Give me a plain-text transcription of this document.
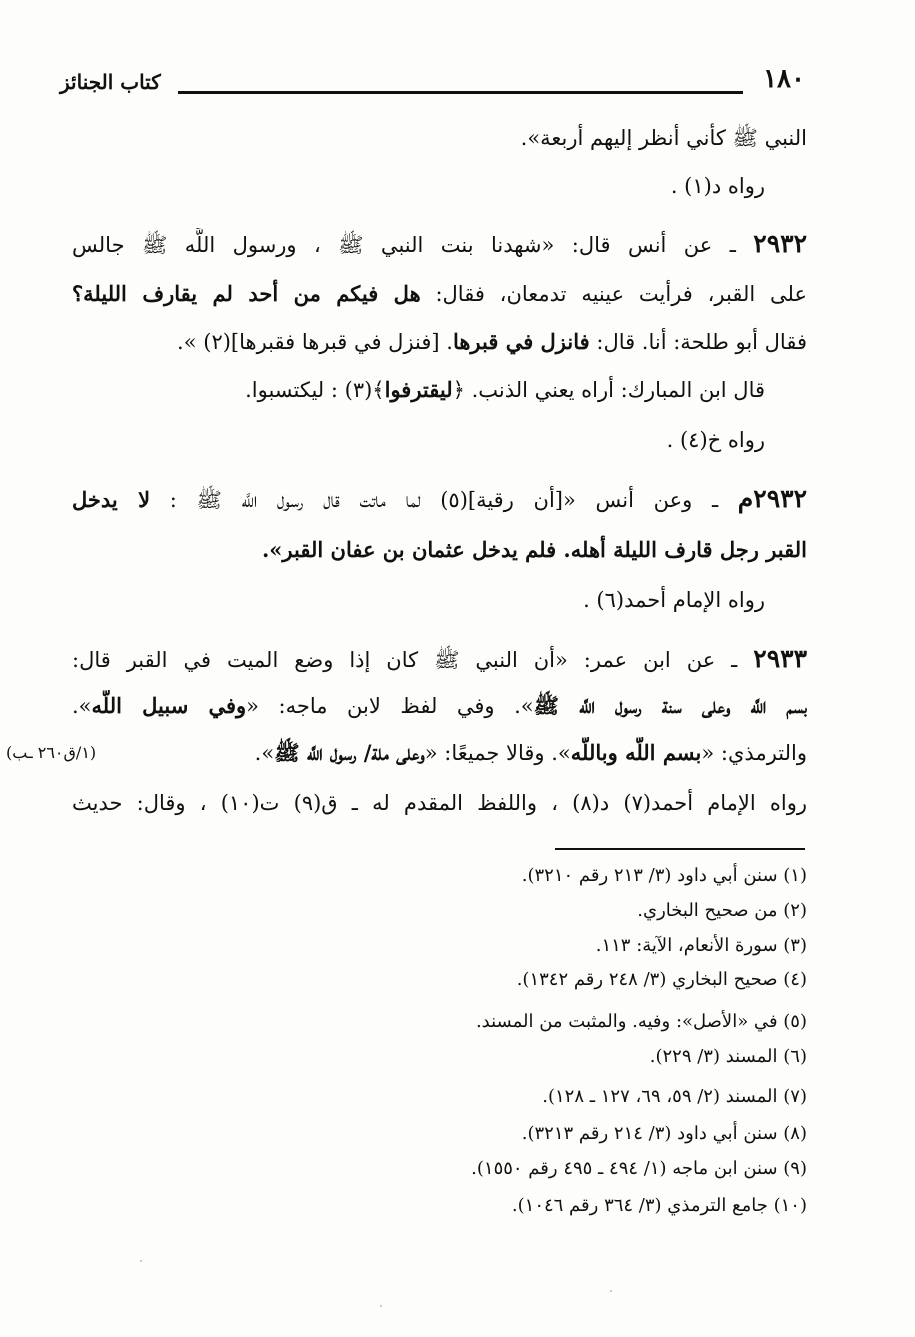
١٨٠
كتاب الجنائز
النبي ﷺ كأني أنظر إليهم أربعة».
رواه د(١) .
٢٩٣٢ ـ عن أنس قال: «شهدنا بنت النبي ﷺ ، ورسول اللَّه ﷺ جالس
على القبر، فرأيت عينيه تدمعان، فقال: هل فيكم من أحد لم يقارف الليلة؟
فقال أبو طلحة: أنا. قال: فانزل في قبرها. [فنزل في قبرها فقبرها](٢) ».
قال ابن المبارك: أراه يعني الذنب. ﴿ليقترفوا﴾(٣) : ليكتسبوا.
رواه خ(٤) .
٢٩٣٢م ـ وعن أنس «[أن رقية](٥) لما ماتت قال رسول اللَّه ﷺ : لا يدخل
القبر رجل قارف الليلة أهله. فلم يدخل عثمان بن عفان القبر».
رواه الإمام أحمد(٦) .
٢٩٣٣ ـ عن ابن عمر: «أن النبي ﷺ كان إذا وضع الميت في القبر قال:
بسم اللَّه وعلى سنة رسول اللَّه ﷺ». وفي لفظ لابن ماجه: «وفي سبيل اللَّه».
والترمذي: «بسم اللَّه وباللَّه». وقالا جميعًا: «وعلى ملة/ رسول اللَّه ﷺ».
(١/ق٢٦٠ ـب)
رواه الإمام أحمد(٧) د(٨) ، واللفظ المقدم له ـ ق(٩) ت(١٠) ، وقال: حديث
(١) سنن أبي داود (٣/ ٢١٣ رقم ٣٢١٠).
(٢) من صحيح البخاري.
(٣) سورة الأنعام، الآية: ١١٣.
(٤) صحيح البخاري (٣/ ٢٤٨ رقم ١٣٤٢).
(٥) في «الأصل»: وفيه. والمثبت من المسند.
(٦) المسند (٣/ ٢٢٩).
(٧) المسند (٢/ ٥٩، ٦٩، ١٢٧ ـ ١٢٨).
(٨) سنن أبي داود (٣/ ٢١٤ رقم ٣٢١٣).
(٩) سنن ابن ماجه (١/ ٤٩٤ ـ ٤٩٥ رقم ١٥٥٠).
(١٠) جامع الترمذي (٣/ ٣٦٤ رقم ١٠٤٦).
